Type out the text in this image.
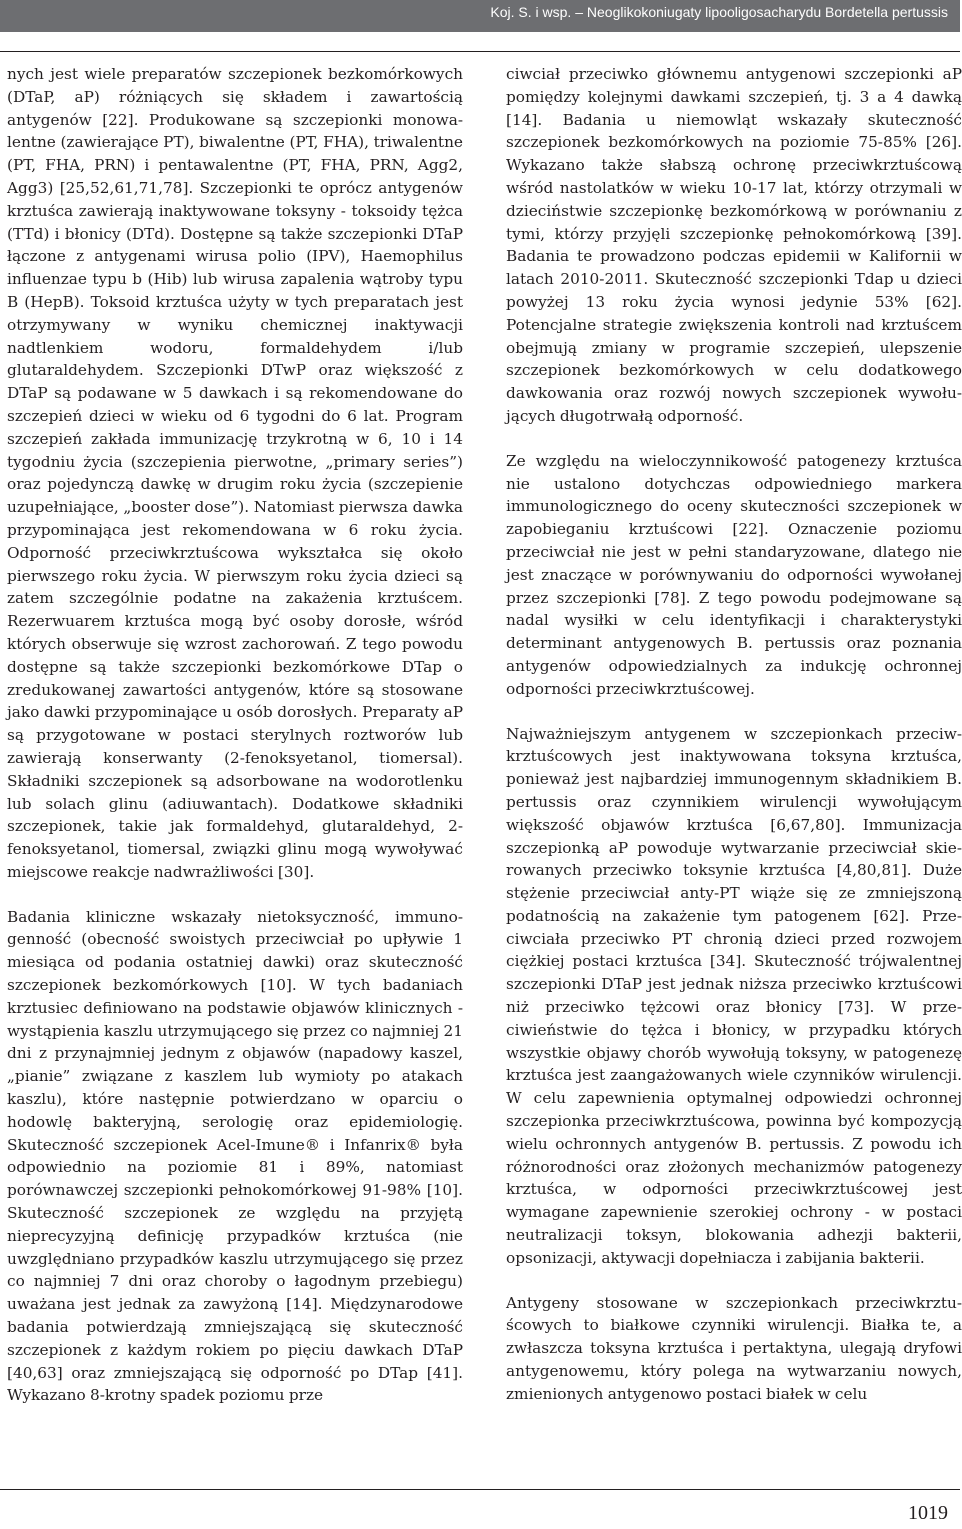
Koj. S. i wsp. – Neoglikokoniugaty lipooligosacharydu Bordetella pertussis

nych jest wiele preparatów szczepionek bezkomórkowych (DTaP, aP) różniących się składem i zawartością antygenów [22]. Produkowane są szczepionki monowalentne (zawierające PT), biwalentne (PT, FHA), triwalentne (PT, FHA, PRN) i pentawalentne (PT, FHA, PRN, Agg2, Agg3) [25,52,61,71,78]. Szczepionki te oprócz antygenów krztuśca zawierają inaktywowane toksyny - toksoidy tężca (TTd) i błonicy (DTd). Dostępne są także szczepionki DTaP łączone z antygenami wirusa polio (IPV), Haemophilus influenzae typu b (Hib) lub wirusa zapalenia wątroby typu B (HepB). Toksoid krztuśca użyty w tych preparatach jest otrzymywany w wyniku chemicznej inaktywacji nadtlenkiem wodoru, formaldehydem i/lub glutaraldehydem. Szczepionki DTwP oraz większość z DTaP są podawane w 5 dawkach i są rekomendowane do szczepień dzieci w wieku od 6 tygodni do 6 lat. Program szczepień zakłada immunizację trzykrotną w 6, 10 i 14 tygodniu życia (szczepienia pierwotne, „primary series”) oraz pojedynczą dawkę w drugim roku życia (szczepienie uzupełniające, „booster dose”). Natomiast pierwsza dawka przypominająca jest rekomendowana w 6 roku życia. Odporność przeciwkrztuścowa wykształca się około pierwszego roku życia. W pierwszym roku życia dzieci są zatem szczególnie podatne na zakażenia krztuścem. Rezerwuarem krztuśca mogą być osoby dorosłe, wśród których obserwuje się wzrost zachorowań. Z tego powodu dostępne są także szczepionki bezkomórkowe DTap o zredukowanej zawartości antygenów, które są stosowane jako dawki przypominające u osób dorosłych. Preparaty aP są przygotowane w postaci sterylnych roztworów lub zawierają konserwanty (2-fenoksyetanol, tiomersal). Składniki szczepionek są adsorbowane na wodorotlenku lub solach glinu (adiuwantach). Dodatkowe składniki szczepionek, takie jak formaldehyd, glutaraldehyd, 2-fenoksyetanol, tiomersal, związki glinu mogą wywoływać miejscowe reakcje nadwrażliwości [30].

Badania kliniczne wskazały nietoksyczność, immunogenność (obecność swoistych przeciwciał po upływie 1 miesiąca od podania ostatniej dawki) oraz skuteczność szczepionek bezkomórkowych [10]. W tych badaniach krztusiec definiowano na podstawie objawów klinicznych - wystąpienia kaszlu utrzymującego się przez co najmniej 21 dni z przynajmniej jednym z objawów (napadowy kaszel, „pianie” związane z kaszlem lub wymioty po atakach kaszlu), które następnie potwierdzano w oparciu o hodowlę bakteryjną, serologię oraz epidemiologię. Skuteczność szczepionek Acel-Imune® i Infanrix® była odpowiednio na poziomie 81 i 89%, natomiast porównawczej szczepionki pełnokomórkowej 91-98% [10]. Skuteczność szczepionek ze względu na przyjętą nieprecyzyjną definicję przypadków krztuśca (nie uwzględniano przypadków kaszlu utrzymującego się przez co najmniej 7 dni oraz choroby o łagodnym przebiegu) uważana jest jednak za zawyżoną [14]. Międzynarodowe badania potwierdzają zmniejszającą się skuteczność szczepionek z każdym rokiem po pięciu dawkach DTaP [40,63] oraz zmniejszającą się odporność po DTap [41]. Wykazano 8-krotny spadek poziomu prze

ciwciał przeciwko głównemu antygenowi szczepionki aP pomiędzy kolejnymi dawkami szczepień, tj. 3 a 4 dawką [14]. Badania u niemowląt wskazały skuteczność szczepionek bezkomórkowych na poziomie 75-85% [26]. Wykazano także słabszą ochronę przeciwkrztuścową wśród nastolatków w wieku 10-17 lat, którzy otrzymali w dzieciństwie szczepionkę bezkomórkową w porównaniu z tymi, którzy przyjęli szczepionkę pełnokomórkową [39]. Badania te prowadzono podczas epidemii w Kalifornii w latach 2010-2011. Skuteczność szczepionki Tdap u dzieci powyżej 13 roku życia wynosi jedynie 53% [62]. Potencjalne strategie zwiększenia kontroli nad krztuścem obejmują zmiany w programie szczepień, ulepszenie szczepionek bezkomórkowych w celu dodatkowego dawkowania oraz rozwój nowych szczepionek wywołujących długotrwałą odporność.

Ze względu na wieloczynnikowość patogenezy krztuśca nie ustalono dotychczas odpowiedniego markera immunologicznego do oceny skuteczności szczepionek w zapobieganiu krztuścowi [22]. Oznaczenie poziomu przeciwciał nie jest w pełni standaryzowane, dlatego nie jest znaczące w porównywaniu do odporności wywołanej przez szczepionki [78]. Z tego powodu podejmowane są nadal wysiłki w celu identyfikacji i charakterystyki determinant antygenowych B. pertussis oraz poznania antygenów odpowiedzialnych za indukcję ochronnej odporności przeciwkrztuścowej.

Najważniejszym antygenem w szczepionkach przeciwkrztuścowych jest inaktywowana toksyna krztuśca, ponieważ jest najbardziej immunogennym składnikiem B. pertussis oraz czynnikiem wirulencji wywołującym większość objawów krztuśca [6,67,80]. Immunizacja szczepionką aP powoduje wytwarzanie przeciwciał skierowanych przeciwko toksynie krztuśca [4,80,81]. Duże stężenie przeciwciał anty-PT wiąże się ze zmniejszoną podatnością na zakażenie tym patogenem [62]. Przeciwciała przeciwko PT chronią dzieci przed rozwojem ciężkiej postaci krztuśca [34]. Skuteczność trójwalentnej szczepionki DTaP jest jednak niższa przeciwko krztuścowi niż przeciwko tężcowi oraz błonicy [73]. W przeciwieństwie do tężca i błonicy, w przypadku których wszystkie objawy chorób wywołują toksyny, w patogenezę krztuśca jest zaangażowanych wiele czynników wirulencji. W celu zapewnienia optymalnej odpowiedzi ochronnej szczepionka przeciwkrztuścowa, powinna być kompozycją wielu ochronnych antygenów B. pertussis. Z powodu ich różnorodności oraz złożonych mechanizmów patogenezy krztuśca, w odporności przeciwkrztuścowej jest wymagane zapewnienie szerokiej ochrony - w postaci neutralizacji toksyn, blokowania adhezji bakterii, opsonizacji, aktywacji dopełniacza i zabijania bakterii.

Antygeny stosowane w szczepionkach przeciwkrztuścowych to białkowe czynniki wirulencji. Białka te, a zwłaszcza toksyna krztuśca i pertaktyna, ulegają dryfowi antygenowemu, który polega na wytwarzaniu nowych, zmienionych antygenowo postaci białek w celu

1019
